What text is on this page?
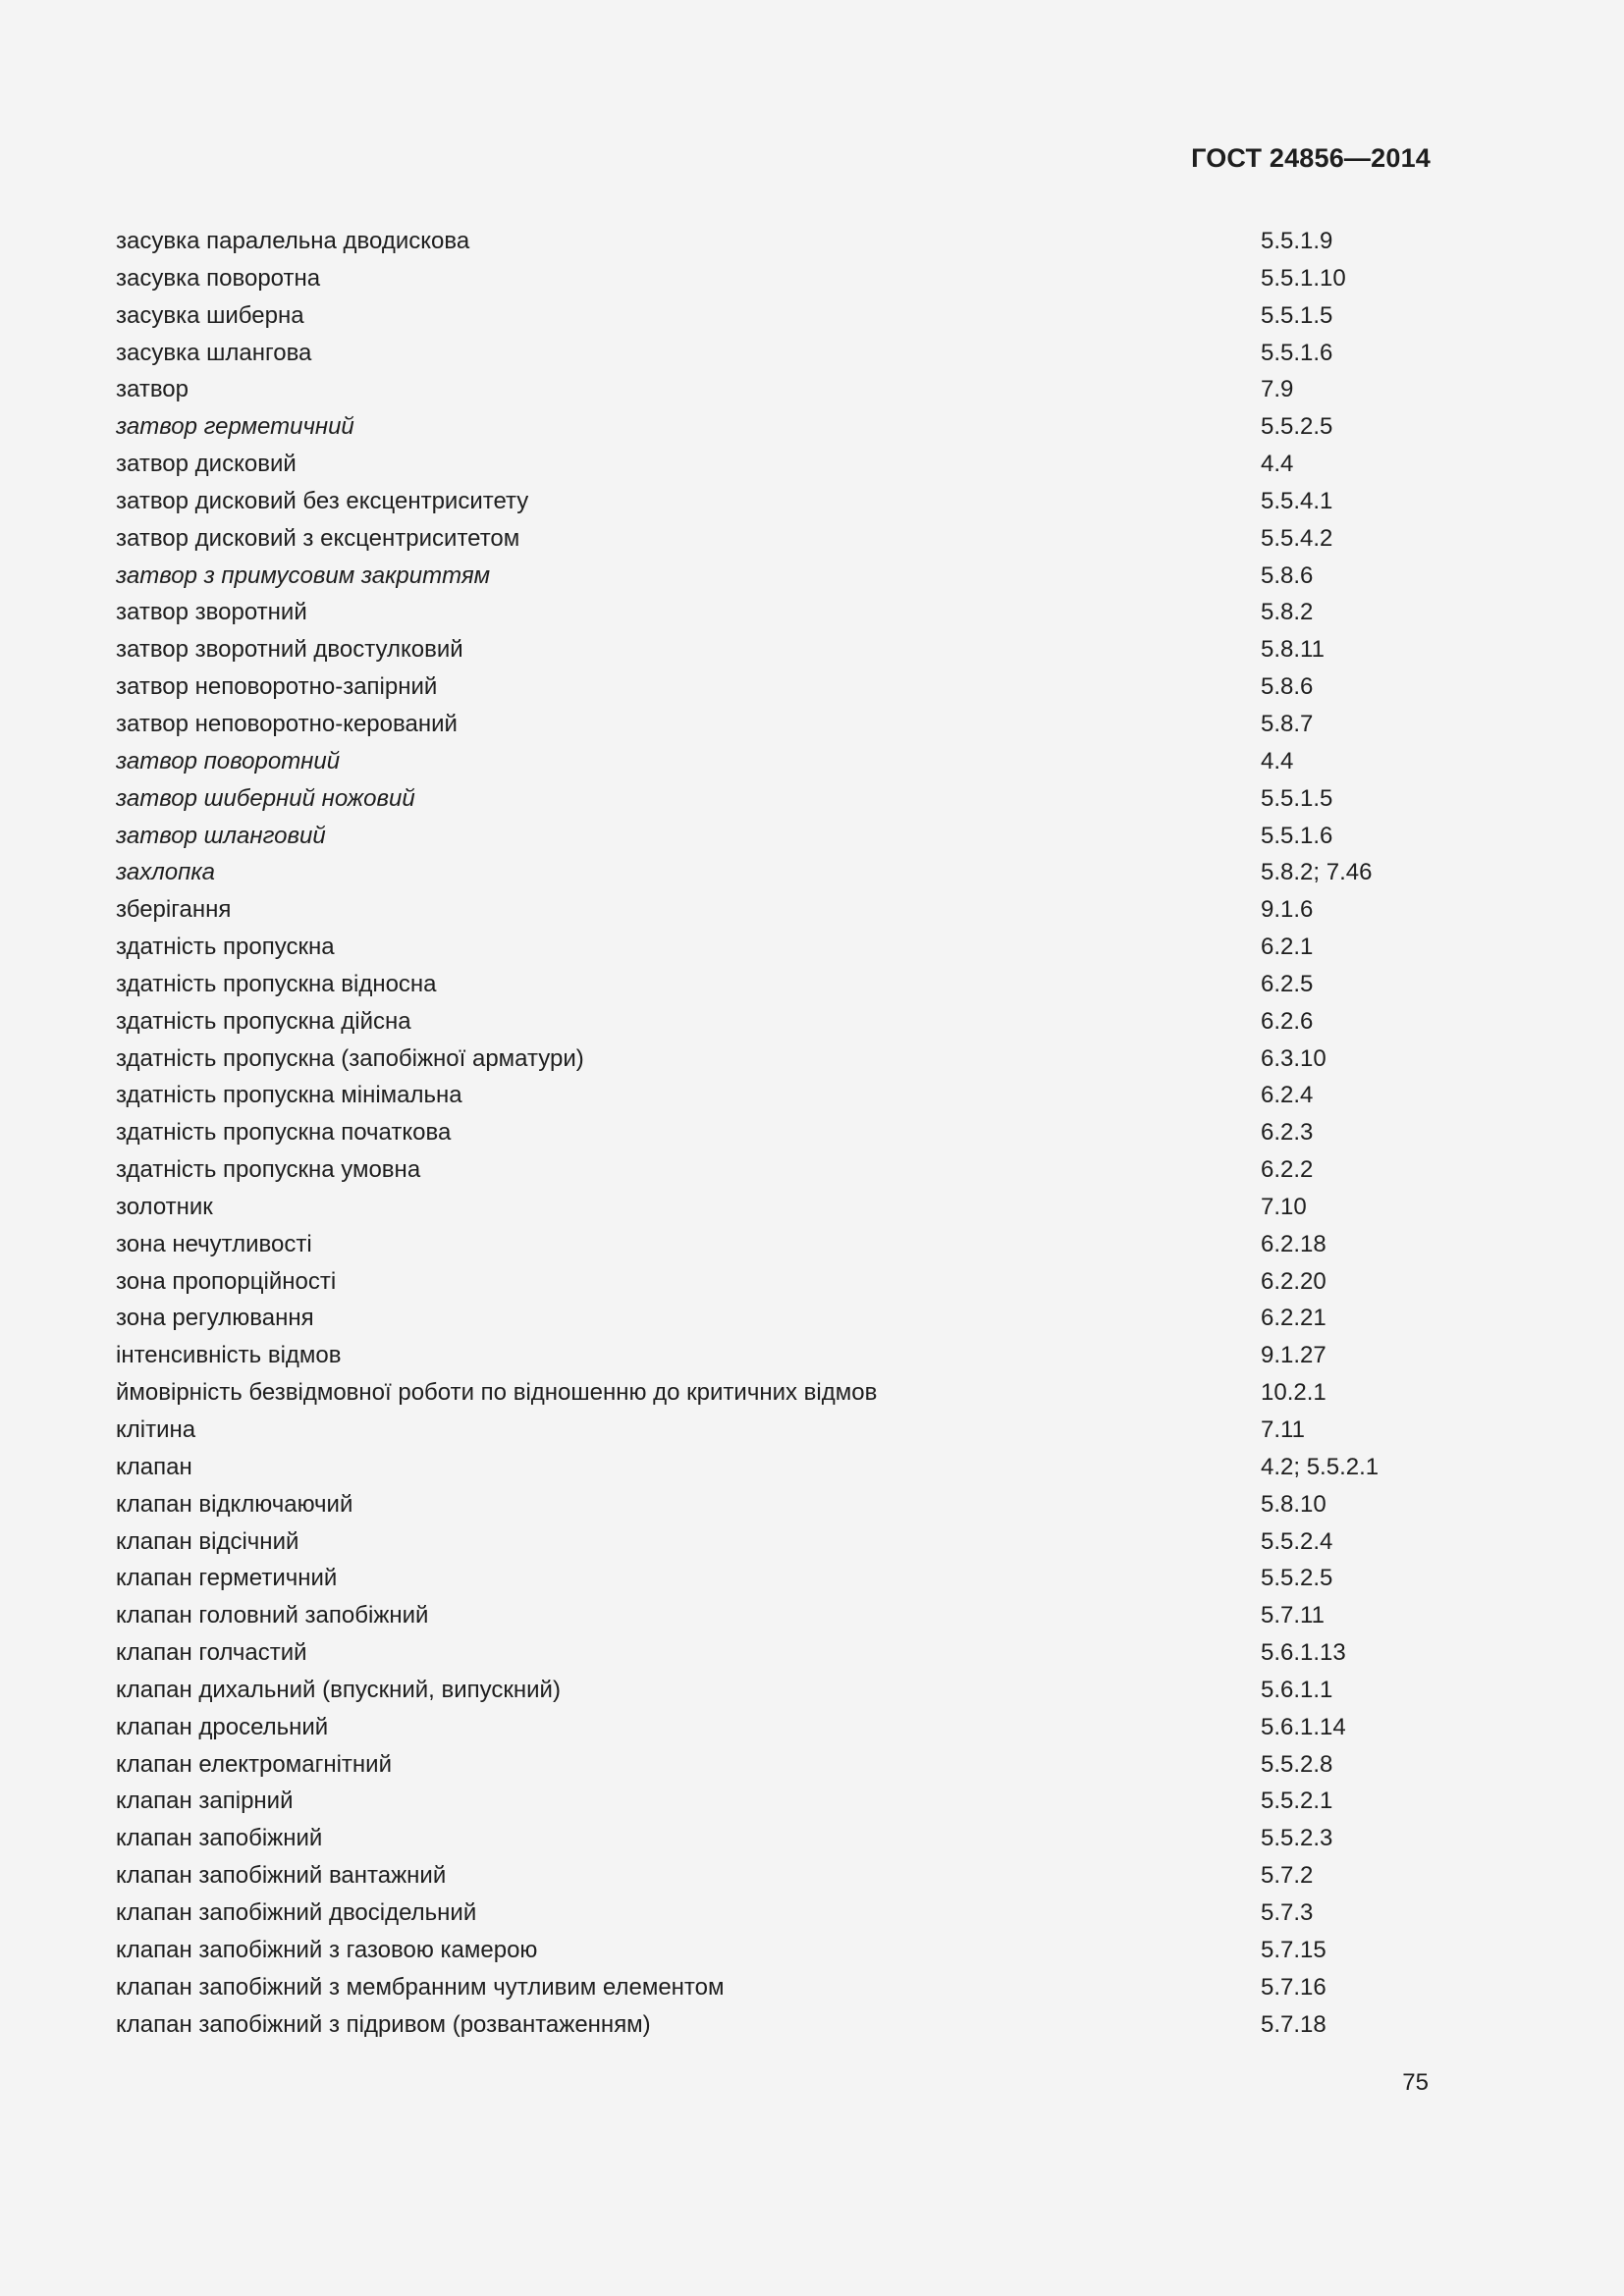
ГОСТ 24856—2014
засувка паралельна дводискова	5.5.1.9
засувка поворотна	5.5.1.10
засувка шиберна	5.5.1.5
засувка шлангова	5.5.1.6
затвор	7.9
затвор герметичний	5.5.2.5
затвор дисковий	4.4
затвор дисковий без ексцентриситету	5.5.4.1
затвор дисковий з ексцентриситетом	5.5.4.2
затвор з примусовим закриттям	5.8.6
затвор зворотний	5.8.2
затвор зворотний двостулковий	5.8.11
затвор неповоротно-запірний	5.8.6
затвор неповоротно-керований	5.8.7
затвор поворотний	4.4
затвор шиберний ножовий	5.5.1.5
затвор шланговий	5.5.1.6
захлопка	5.8.2; 7.46
зберігання	9.1.6
здатність пропускна	6.2.1
здатність пропускна відносна	6.2.5
здатність пропускна дійсна	6.2.6
здатність пропускна (запобіжної арматури)	6.3.10
здатність пропускна мінімальна	6.2.4
здатність пропускна початкова	6.2.3
здатність пропускна умовна	6.2.2
золотник	7.10
зона нечутливості	6.2.18
зона пропорційності	6.2.20
зона регулювання	6.2.21
інтенсивність відмов	9.1.27
ймовірність безвідмовної роботи по відношенню до критичних відмов	10.2.1
клітина	7.11
клапан	4.2; 5.5.2.1
клапан відключаючий	5.8.10
клапан відсічний	5.5.2.4
клапан герметичний	5.5.2.5
клапан головний запобіжний	5.7.11
клапан голчастий	5.6.1.13
клапан дихальний (впускний, випускний)	5.6.1.1
клапан дросельний	5.6.1.14
клапан електромагнітний	5.5.2.8
клапан запірний	5.5.2.1
клапан запобіжний	5.5.2.3
клапан запобіжний вантажний	5.7.2
клапан запобіжний двосідельний	5.7.3
клапан запобіжний з газовою камерою	5.7.15
клапан запобіжний з мембранним чутливим елементом	5.7.16
клапан запобіжний з підривом (розвантаженням)	5.7.18
75
